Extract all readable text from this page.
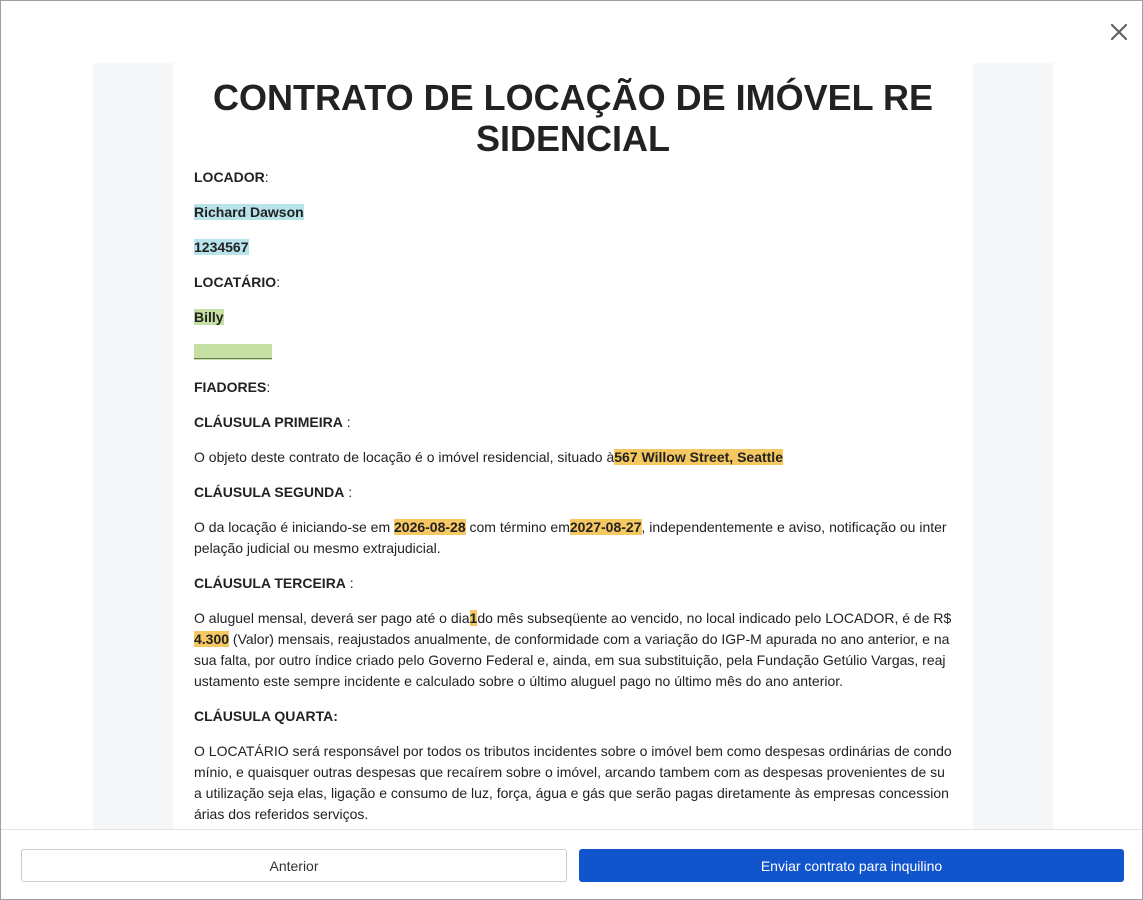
CONTRATO DE LOCAÇÃO DE IMÓVEL RESIDENCIAL

LOCADOR:

Richard Dawson

1234567

LOCATÁRIO:

Billy

__________

FIADORES:

CLÁUSULA PRIMEIRA :

O objeto deste contrato de locação é o imóvel residencial, situado à567 Willow Street, Seattle

CLÁUSULA SEGUNDA :

O da locação é iniciando-se em 2026-08-28 com término em2027-08-27, independentemente e aviso, notificação ou interpelação judicial ou mesmo extrajudicial.

CLÁUSULA TERCEIRA :

O aluguel mensal, deverá ser pago até o dia1do mês subseqüente ao vencido, no local indicado pelo LOCADOR, é de R$ 4.300 (Valor) mensais, reajustados anualmente, de conformidade com a variação do IGP-M apurada no ano anterior, e na sua falta, por outro índice criado pelo Governo Federal e, ainda, em sua substituição, pela Fundação Getúlio Vargas, reajustamento este sempre incidente e calculado sobre o último aluguel pago no último mês do ano anterior.

CLÁUSULA QUARTA:

O LOCATÁRIO será responsável por todos os tributos incidentes sobre o imóvel bem como despesas ordinárias de condomínio, e quaisquer outras despesas que recaírem sobre o imóvel, arcando tambem com as despesas provenientes de sua utilização seja elas, ligação e consumo de luz, força, água e gás que serão pagas diretamente às empresas concessionárias dos referidos serviços.

Anterior	Enviar contrato para inquilino
